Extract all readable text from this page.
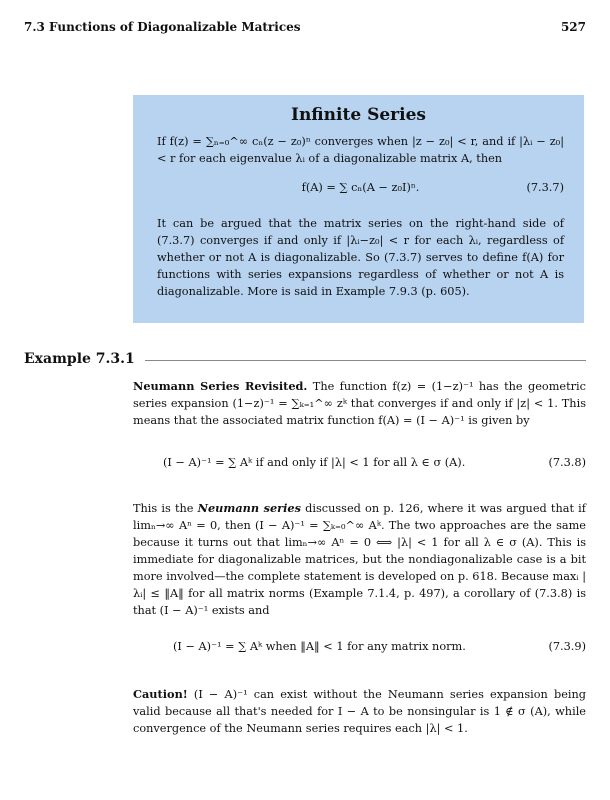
7.3 Functions of Diagonalizable Matrices	527
Infinite Series
If f(z) = ∑ₙ₌₀^∞ cₙ(z − z₀)ⁿ converges when |z − z₀| < r, and if |λᵢ − z₀| < r for each eigenvalue λᵢ of a diagonalizable matrix A, then
f(A) = ∑ cₙ(A − z₀I)ⁿ.	(7.3.7)
It can be argued that the matrix series on the right-hand side of (7.3.7) converges if and only if |λᵢ−z₀| < r for each λᵢ, regardless of whether or not A is diagonalizable. So (7.3.7) serves to define f(A) for functions with series expansions regardless of whether or not A is diagonalizable. More is said in Example 7.9.3 (p. 605).
Example 7.3.1
Neumann Series Revisited. The function f(z) = (1−z)⁻¹ has the geometric series expansion (1−z)⁻¹ = ∑ₖ₌₁^∞ zᵏ that converges if and only if |z| < 1. This means that the associated matrix function f(A) = (I − A)⁻¹ is given by
(I − A)⁻¹ = ∑ Aᵏ if and only if |λ| < 1 for all λ ∈ σ (A).	(7.3.8)
This is the Neumann series discussed on p. 126, where it was argued that if limₙ→∞ Aⁿ = 0, then (I − A)⁻¹ = ∑ₖ₌₀^∞ Aᵏ. The two approaches are the same because it turns out that limₙ→∞ Aⁿ = 0 ⟺ |λ| < 1 for all λ ∈ σ (A). This is immediate for diagonalizable matrices, but the nondiagonalizable case is a bit more involved—the complete statement is developed on p. 618. Because maxᵢ |λᵢ| ≤ ‖A‖ for all matrix norms (Example 7.1.4, p. 497), a corollary of (7.3.8) is that (I − A)⁻¹ exists and
(I − A)⁻¹ = ∑ Aᵏ when ‖A‖ < 1 for any matrix norm.	(7.3.9)
Caution! (I − A)⁻¹ can exist without the Neumann series expansion being valid because all that's needed for I − A to be nonsingular is 1 ∉ σ (A), while convergence of the Neumann series requires each |λ| < 1.
